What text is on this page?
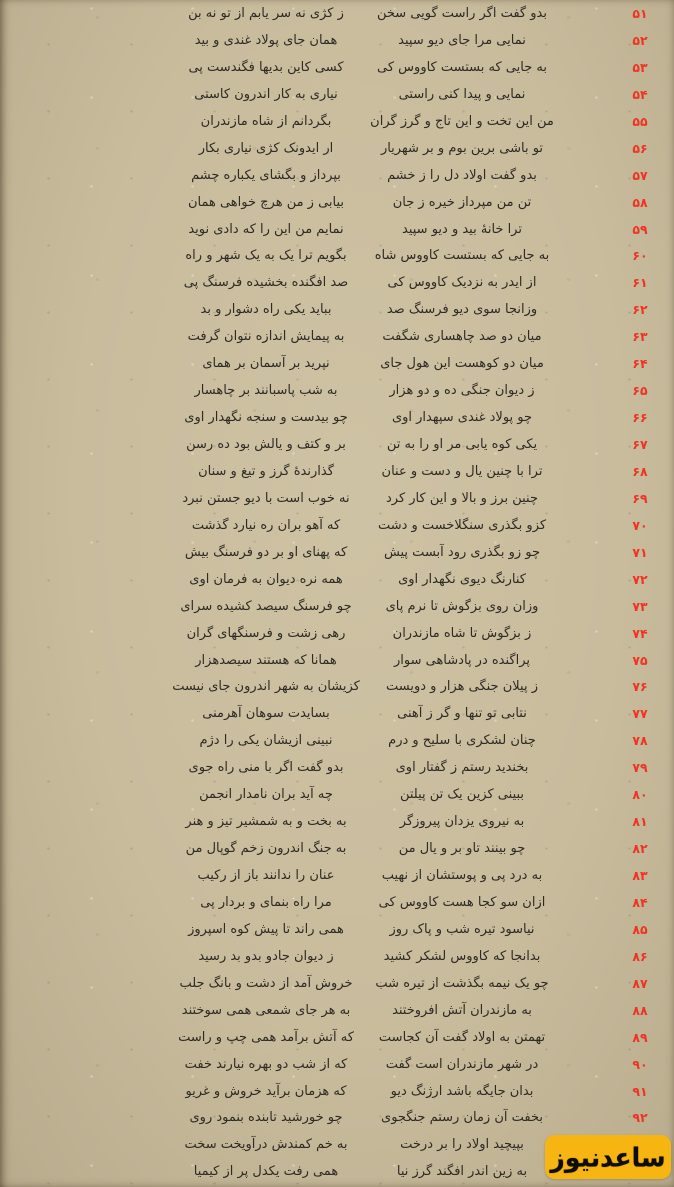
۵۱
بدو گفت اگر راست گویی سخن
ز کژی نه سر یابم از تو نه بن
۵۲
نمایی مرا جای دیو سپید
همان جای پولاد غندی و بید
۵۳
به جایی که بستست کاووس کی
کسی کاین بدیها فگندست پی
۵۴
نمایی و پیدا کنی راستی
نیاری به کار اندرون کاستی
۵۵
من این تخت و این تاج و گرز گران
بگردانم از شاه مازندران
۵۶
تو باشی برین بوم و بر شهریار
ار ایدونک کژی نیاری بکار
۵۷
بدو گفت اولاد دل را ز خشم
بپرداز و بگشای یکباره چشم
۵۸
تن من مپرداز خیره ز جان
بیابی ز من هرچ خواهی همان
۵۹
ترا خانهٔ بید و دیو سپید
نمایم من این را که دادی نوید
۶۰
به جایی که بستست کاووس شاه
بگویم ترا یک به یک شهر و راه
۶۱
از ایدر به نزدیک کاووس کی
صد افگنده بخشیده فرسنگ پی
۶۲
وزانجا سوی دیو فرسنگ صد
بباید یکی راه دشوار و بد
۶۳
میان دو صد چاهساری شگفت
به پیمایش اندازه نتوان گرفت
۶۴
میان دو کوهست این هول جای
نپرید بر آسمان بر همای
۶۵
ز دیوان جنگی ده و دو هزار
به شب پاسبانند بر چاهسار
۶۶
چو پولاد غندی سپهدار اوی
چو بیدست و سنجه نگهدار اوی
۶۷
یکی کوه یابی مر او را به تن
بر و کتف و یالش بود ده رسن
۶۸
ترا با چنین یال و دست و عنان
گذارندهٔ گرز و تیغ و سنان
۶۹
چنین برز و بالا و این کار کرد
نه خوب است با دیو جستن نبرد
۷۰
کزو بگذری سنگلاخست و دشت
که آهو بران ره نیارد گذشت
۷۱
چو زو بگذری رود آبست پیش
که پهنای او بر دو فرسنگ بیش
۷۲
کنارنگ دیوی نگهدار اوی
همه نره دیوان به فرمان اوی
۷۳
وزان روی بزگوش تا نرم پای
چو فرسنگ سیصد کشیده سرای
۷۴
ز بزگوش تا شاه مازندران
رهی زشت و فرسنگهای گران
۷۵
پراگنده در پادشاهی سوار
همانا که هستند سیصدهزار
۷۶
ز پیلان جنگی هزار و دویست
کزیشان به شهر اندرون جای نیست
۷۷
نتابی تو تنها و گر ز آهنی
بسایدت سوهان آهرمنی
۷۸
چنان لشکری با سلیح و درم
نبینی ازیشان یکی را دژم
۷۹
بخندید رستم ز گفتار اوی
بدو گفت اگر با منی راه جوی
۸۰
ببینی کزین یک تن پیلتن
چه آید بران نامدار انجمن
۸۱
به نیروی یزدان پیروزگر
به بخت و به شمشیر تیز و هنر
۸۲
چو بینند تاو بر و یال من
به جنگ اندرون زخم گوپال من
۸۳
به درد پی و پوستشان از نهیب
عنان را ندانند باز از رکیب
۸۴
ازان سو کجا هست کاووس کی
مرا راه بنمای و بردار پی
۸۵
نیاسود تیره شب و پاک روز
همی راند تا پیش کوه اسپروز
۸۶
بدانجا که کاووس لشکر کشید
ز دیوان جادو بدو بد رسید
۸۷
چو یک نیمه بگذشت از تیره شب
خروش آمد از دشت و بانگ جلب
۸۸
به مازندران آتش افروختند
به هر جای شمعی همی سوختند
۸۹
تهمتن به اولاد گفت آن کجاست
که آتش برآمد همی چپ و راست
۹۰
در شهر مازندران است گفت
که از شب دو بهره نیارند خفت
۹۱
بدان جایگه باشد ارژنگ دیو
که هزمان برآید خروش و غریو
۹۲
بخفت آن زمان رستم جنگجوی
چو خورشید تابنده بنمود روی
بپیچید اولاد را بر درخت
به خم کمندش درآویخت سخت
به زین اندر افگند گرز نیا
همی رفت یکدل پر از کیمیا	ساعدنیوز
